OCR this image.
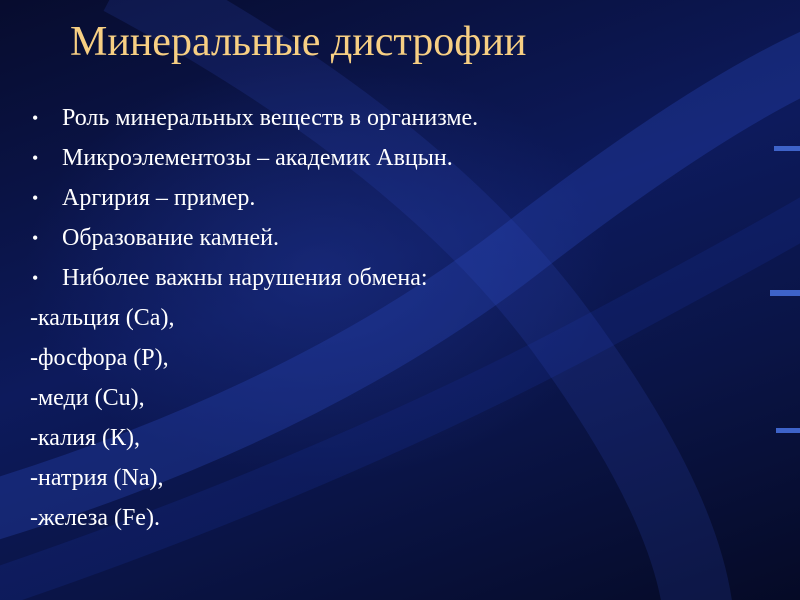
Минеральные дистрофии
• Роль минеральных веществ в организме.
• Микроэлементозы – академик Авцын.
• Аргирия – пример.
• Образование камней.
• Ниболее важны нарушения обмена:
-кальция (Са),
-фосфора (Р),
-меди (Cu),
-калия (К),
-натрия (Na),
-железа (Fe).
